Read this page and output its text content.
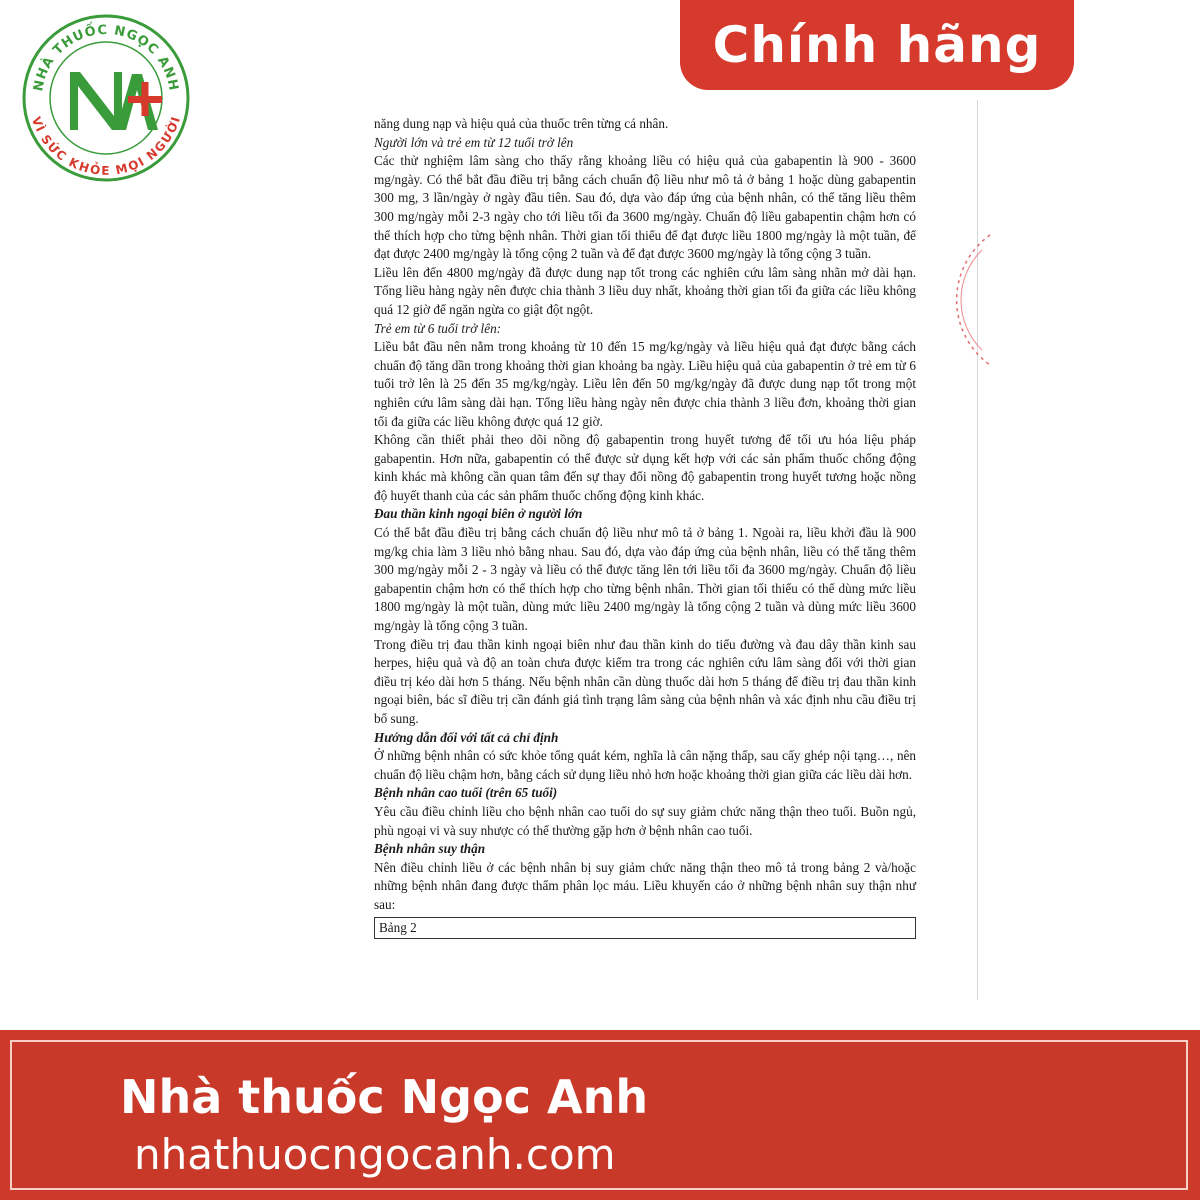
NHÀ THUỐC NGỌC ANH
VÌ SỨC KHỎE MỌI NGƯỜI
Chính hãng

năng dung nạp và hiệu quả của thuốc trên từng cá nhân.

Người lớn và trẻ em từ 12 tuổi trở lên

Các thử nghiệm lâm sàng cho thấy rằng khoảng liều có hiệu quả của gabapentin là 900 - 3600 mg/ngày. Có thể bắt đầu điều trị bằng cách chuẩn độ liều như mô tả ở bảng 1 hoặc dùng gabapentin 300 mg, 3 lần/ngày ở ngày đầu tiên. Sau đó, dựa vào đáp ứng của bệnh nhân, có thể tăng liều thêm 300 mg/ngày mỗi 2-3 ngày cho tới liều tối đa 3600 mg/ngày. Chuẩn độ liều gabapentin chậm hơn có thể thích hợp cho từng bệnh nhân. Thời gian tối thiểu để đạt được liều 1800 mg/ngày là một tuần, để đạt được 2400 mg/ngày là tổng cộng 2 tuần và để đạt được 3600 mg/ngày là tổng cộng 3 tuần.

Liều lên đến 4800 mg/ngày đã được dung nạp tốt trong các nghiên cứu lâm sàng nhãn mở dài hạn. Tổng liều hàng ngày nên được chia thành 3 liều duy nhất, khoảng thời gian tối đa giữa các liều không quá 12 giờ để ngăn ngừa co giật đột ngột.

Trẻ em từ 6 tuổi trở lên:

Liều bắt đầu nên nằm trong khoảng từ 10 đến 15 mg/kg/ngày và liều hiệu quả đạt được bằng cách chuẩn độ tăng dần trong khoảng thời gian khoảng ba ngày. Liều hiệu quả của gabapentin ở trẻ em từ 6 tuổi trở lên là 25 đến 35 mg/kg/ngày. Liều lên đến 50 mg/kg/ngày đã được dung nạp tốt trong một nghiên cứu lâm sàng dài hạn. Tổng liều hàng ngày nên được chia thành 3 liều đơn, khoảng thời gian tối đa giữa các liều không được quá 12 giờ.

Không cần thiết phải theo dõi nồng độ gabapentin trong huyết tương để tối ưu hóa liệu pháp gabapentin. Hơn nữa, gabapentin có thể được sử dụng kết hợp với các sản phẩm thuốc chống động kinh khác mà không cần quan tâm đến sự thay đổi nồng độ gabapentin trong huyết tương hoặc nồng độ huyết thanh của các sản phẩm thuốc chống động kinh khác.

Đau thần kinh ngoại biên ở người lớn

Có thể bắt đầu điều trị bằng cách chuẩn độ liều như mô tả ở bảng 1. Ngoài ra, liều khởi đầu là 900 mg/kg chia làm 3 liều nhỏ bằng nhau. Sau đó, dựa vào đáp ứng của bệnh nhân, liều có thể tăng thêm 300 mg/ngày mỗi 2 - 3 ngày và liều có thể được tăng lên tới liều tối đa 3600 mg/ngày. Chuẩn độ liều gabapentin chậm hơn có thể thích hợp cho từng bệnh nhân. Thời gian tối thiểu có thể dùng mức liều 1800 mg/ngày là một tuần, dùng mức liều 2400 mg/ngày là tổng cộng 2 tuần và dùng mức liều 3600 mg/ngày là tổng cộng 3 tuần.

Trong điều trị đau thần kinh ngoại biên như đau thần kinh do tiểu đường và đau dây thần kinh sau herpes, hiệu quả và độ an toàn chưa được kiểm tra trong các nghiên cứu lâm sàng đối với thời gian điều trị kéo dài hơn 5 tháng. Nếu bệnh nhân cần dùng thuốc dài hơn 5 tháng để điều trị đau thần kinh ngoại biên, bác sĩ điều trị cần đánh giá tình trạng lâm sàng của bệnh nhân và xác định nhu cầu điều trị bổ sung.

Hướng dẫn đối với tất cả chỉ định

Ở những bệnh nhân có sức khỏe tổng quát kém, nghĩa là cân nặng thấp, sau cấy ghép nội tạng…, nên chuẩn độ liều chậm hơn, bằng cách sử dụng liều nhỏ hơn hoặc khoảng thời gian giữa các liều dài hơn.

Bệnh nhân cao tuổi (trên 65 tuổi)

Yêu cầu điều chỉnh liều cho bệnh nhân cao tuổi do sự suy giảm chức năng thận theo tuổi. Buồn ngủ, phù ngoại vi và suy nhược có thể thường gặp hơn ở bệnh nhân cao tuổi.

Bệnh nhân suy thận

Nên điều chỉnh liều ở các bệnh nhân bị suy giảm chức năng thận theo mô tả trong bảng 2 và/hoặc những bệnh nhân đang được thẩm phân lọc máu. Liều khuyến cáo ở những bệnh nhân suy thận như sau:

Bảng 2
Nhà thuốc Ngọc Anh
nhathuocngocanh.com
